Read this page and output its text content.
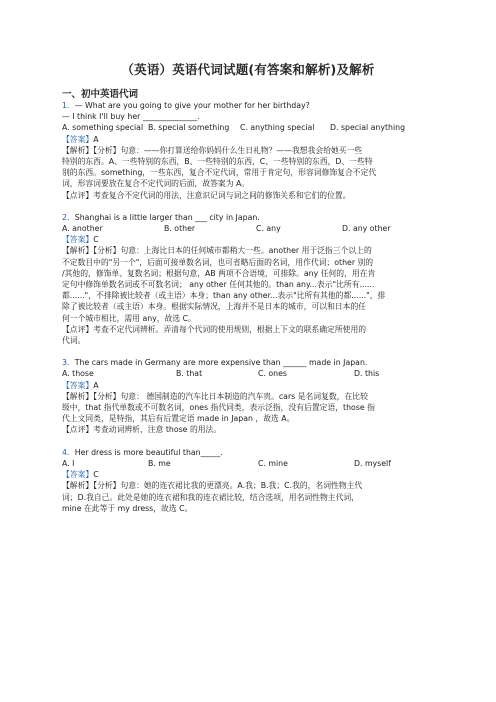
（英语）英语代词试题(有答案和解析)及解析
一、初中英语代词
1．— What are you going to give your mother for her birthday?
— I think I'll buy her ______________.
A. something special B. special something	C. anything special	D. special anything
【答案】A
【解析】【分析】句意：——你打算送给你妈妈什么生日礼物？——我想我会给她买一些
特别的东西。A、一些特别的东西，B、一些特别的东西，C、一些特别的东西，D、一些特
别的东西。something，一些东西，复合不定代词，常用于肯定句，形容词修饰复合不定代
词，形容词要放在复合不定代词的后面，故答案为 A。
【点评】考查复合不定代词的用法，注意识记词与词之间的修饰关系和它们的位置。
2．Shanghai is a little larger than ___ city in Japan.
A. another	B. other	C. any	D. any other
【答案】C
【解析】【分析】句意：上海比日本的任何城市都稍大一些。another 用于泛指三个以上的
不定数目中的"另一个"，后面可接单数名词，也可省略后面的名词，用作代词；other 别的
/其他的，修饰单、复数名词；根据句意，AB 两项不合语境，可排除。any 任何的，用在肯
定句中修饰单数名词或不可数名词； any other 任何其他的。than any...表示"比所有......
都......"，不排除被比较者（或主语）本身；than any other...表示"比所有其他的都......"，排
除了被比较者（或主语）本身。根据实际情况，上海并不是日本的城市，可以和日本的任
何一个城市相比，需用 any，故选 C。
【点评】考查不定代词辨析。弄清每个代词的使用规则，根据上下文的联系确定所使用的
代词。
3．The cars made in Germany are more expensive than ______ made in Japan.
A. those	B. that	C. ones	D. this
【答案】A
【解析】【分析】句意： 德国制造的汽车比日本制造的汽车贵。cars 是名词复数，在比较
级中，that 指代单数或不可数名词，ones 指代同类，表示泛指，没有后置定语，those 指
代上文同类，是特指，其后有后置定语 made in Japan ，故选 A。
【点评】考查动词辨析，注意 those 的用法。
4．Her dress is more beautiful than_____.
A. I	B. me	C. mine	D. myself
【答案】C
【解析】【分析】句意：她的连衣裙比我的更漂亮。A.我；B.我；C.我的，名词性物主代
词；D.我自己。此处是她的连衣裙和我的连衣裙比较，结合选项，用名词性物主代词，
mine 在此等于 my dress，故选 C。
